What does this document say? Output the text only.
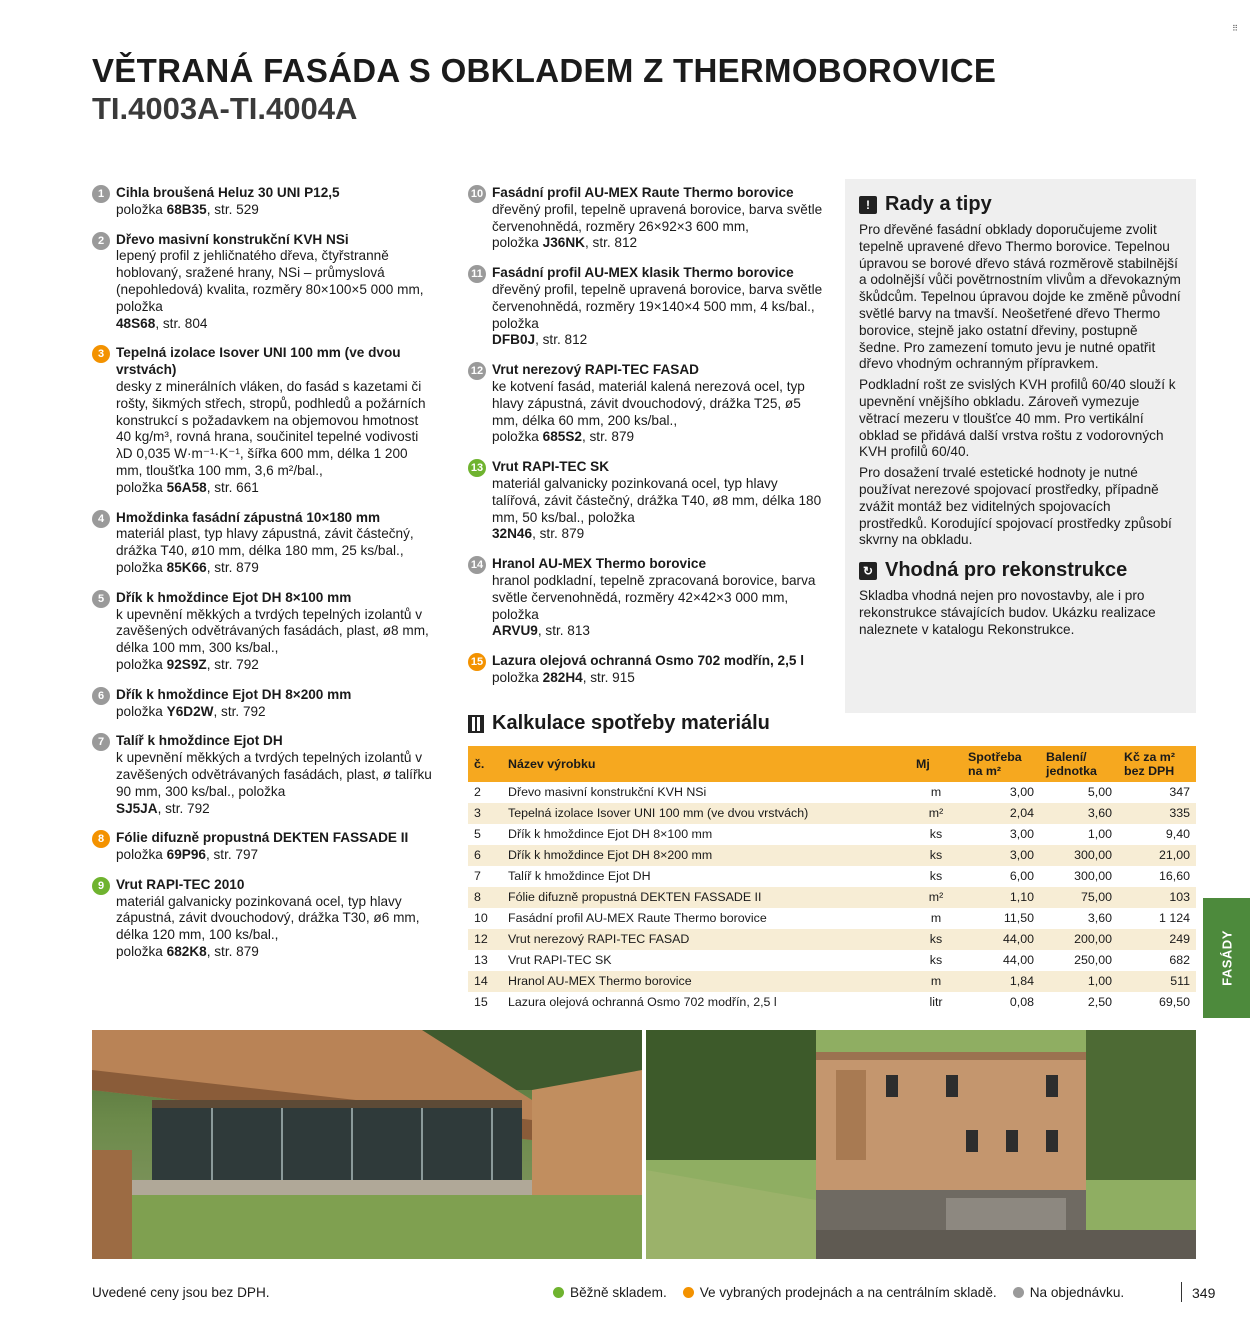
VĚTRANÁ FASÁDA S OBKLADEM Z THERMOBOROVICE
TI.4003A-TI.4004A
⠿
1 Cihla broušená Heluz 30 UNI P12,5
položka 68B35, str. 529
2 Dřevo masivní konstrukční KVH NSi
lepený profil z jehličnatého dřeva, čtyřstranně hoblovaný, sražené hrany, NSi – průmyslová (nepohledová) kvalita, rozměry 80×100×5 000 mm, položka
48S68, str. 804
3 Tepelná izolace Isover UNI 100 mm (ve dvou vrstvách)
desky z minerálních vláken, do fasád s kazetami či rošty, šikmých střech, stropů, podhledů a požárních konstrukcí s požadavkem na objemovou hmotnost 40 kg/m³, rovná hrana, součinitel tepelné vodivosti λD 0,035 W·m⁻¹·K⁻¹, šířka 600 mm, délka 1 200 mm, tloušťka 100 mm, 3,6 m²/bal.,
položka 56A58, str. 661
4 Hmoždinka fasádní zápustná 10×180 mm
materiál plast, typ hlavy zápustná, závit částečný, drážka T40, ø10 mm, délka 180 mm, 25 ks/bal.,
položka 85K66, str. 879
5 Dřík k hmoždince Ejot DH 8×100 mm
k upevnění měkkých a tvrdých tepelných izolantů v zavěšených odvětrávaných fasádách, plast, ø8 mm, délka 100 mm, 300 ks/bal.,
položka 92S9Z, str. 792
6 Dřík k hmoždince Ejot DH 8×200 mm
položka Y6D2W, str. 792
7 Talíř k hmoždince Ejot DH
k upevnění měkkých a tvrdých tepelných izolantů v zavěšených odvětrávaných fasádách, plast, ø talířku 90 mm, 300 ks/bal., položka
SJ5JA, str. 792
8 Fólie difuzně propustná DEKTEN FASSADE II
položka 69P96, str. 797
9 Vrut RAPI-TEC 2010
materiál galvanicky pozinkovaná ocel, typ hlavy zápustná, závit dvouchodový, drážka T30, ø6 mm, délka 120 mm, 100 ks/bal.,
položka 682K8, str. 879
10 Fasádní profil AU-MEX Raute Thermo borovice
dřevěný profil, tepelně upravená borovice, barva světle červenohnědá, rozměry 26×92×3 600 mm,
položka J36NK, str. 812
11 Fasádní profil AU-MEX klasik Thermo borovice
dřevěný profil, tepelně upravená borovice, barva světle červenohnědá, rozměry 19×140×4 500 mm, 4 ks/bal., položka
DFB0J, str. 812
12 Vrut nerezový RAPI-TEC FASAD
ke kotvení fasád, materiál kalená nerezová ocel, typ hlavy zápustná, závit dvouchodový, drážka T25, ø5 mm, délka 60 mm, 200 ks/bal.,
položka 685S2, str. 879
13 Vrut RAPI-TEC SK
materiál galvanicky pozinkovaná ocel, typ hlavy talířová, závit částečný, drážka T40, ø8 mm, délka 180 mm, 50 ks/bal., položka
32N46, str. 879
14 Hranol AU-MEX Thermo borovice
hranol podkladní, tepelně zpracovaná borovice, barva světle červenohnědá, rozměry 42×42×3 000 mm, položka
ARVU9, str. 813
15 Lazura olejová ochranná Osmo 702 modřín, 2,5 l
položka 282H4, str. 915
! Rady a tipy

Pro dřevěné fasádní obklady doporučujeme zvolit tepelně upravené dřevo Thermo borovice. Tepelnou úpravou se borové dřevo stává rozměrově stabilnější a odolnější vůči povětrnostním vlivům a dřevokazným škůdcům. Tepelnou úpravou dojde ke změně původní světlé barvy na tmavší. Neošetřené dřevo Thermo borovice, stejně jako ostatní dřeviny, postupně šedne. Pro zamezení tomuto jevu je nutné opatřit dřevo vhodným ochranným přípravkem.

Podkladní rošt ze svislých KVH profilů 60/40 slouží k upevnění vnějšího obkladu. Zároveň vymezuje větrací mezeru v tloušťce 40 mm. Pro vertikální obklad se přidává další vrstva roštu z vodorovných KVH profilů 60/40.

Pro dosažení trvalé estetické hodnoty je nutné používat nerezové spojovací prostředky, případně zvážit montáž bez viditelných spojovacích prostředků. Korodující spojovací prostředky způsobí skvrny na obkladu.

↻ Vhodná pro rekonstrukce

Skladba vhodná nejen pro novostavby, ale i pro rekonstrukce stávajících budov. Ukázku realizace naleznete v katalogu Rekonstrukce.

Kalkulace spotřeby materiálu
č.	Název výrobku	Mj	Spotřeba na m²	Balení/ jednotka	Kč za m² bez DPH
2	Dřevo masivní konstrukční KVH NSi	m	3,00	5,00	347
3	Tepelná izolace Isover UNI 100 mm (ve dvou vrstvách)	m²	2,04	3,60	335
5	Dřík k hmoždince Ejot DH 8×100 mm	ks	3,00	1,00	9,40
6	Dřík k hmoždince Ejot DH 8×200 mm	ks	3,00	300,00	21,00
7	Talíř k hmoždince Ejot DH	ks	6,00	300,00	16,60
8	Fólie difuzně propustná DEKTEN FASSADE II	m²	1,10	75,00	103
10	Fasádní profil AU-MEX Raute Thermo borovice	m	11,50	3,60	1 124
12	Vrut nerezový RAPI-TEC FASAD	ks	44,00	200,00	249
13	Vrut RAPI-TEC SK	ks	44,00	250,00	682
14	Hranol AU-MEX Thermo borovice	m	1,84	1,00	511
15	Lazura olejová ochranná Osmo 702 modřín, 2,5 l	litr	0,08	2,50	69,50
FASÁDY
Uvedené ceny jsou bez DPH.	Běžně skladem. Ve vybraných prodejnách a na centrálním skladě. Na objednávku.	349
